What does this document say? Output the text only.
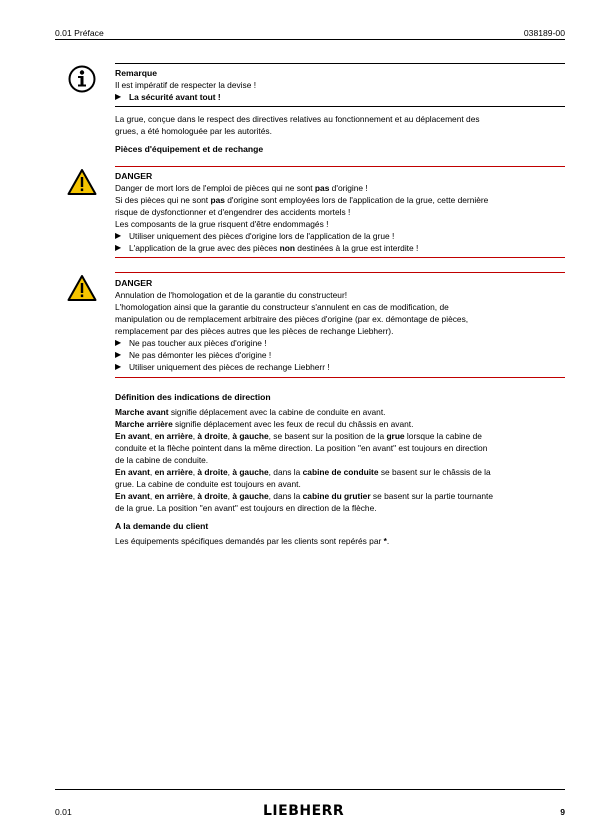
0.01 Préface	038189-00
Remarque
Il est impératif de respecter la devise !
▶ La sécurité avant tout !
La grue, conçue dans le respect des directives relatives au fonctionnement et au déplacement des
grues, a été homologuée par les autorités.
Pièces d'équipement et de rechange
DANGER
Danger de mort lors de l'emploi de pièces qui ne sont pas d'origine !
Si des pièces qui ne sont pas d'origine sont employées lors de l'application de la grue, cette dernière
risque de dysfonctionner et d'engendrer des accidents mortels !
Les composants de la grue risquent d'être endommagés !
▶ Utiliser uniquement des pièces d'origine lors de l'application de la grue !
▶ L'application de la grue avec des pièces non destinées à la grue est interdite !
DANGER
Annulation de l'homologation et de la garantie du constructeur!
L'homologation ainsi que la garantie du constructeur s'annulent en cas de modification, de
manipulation ou de remplacement arbitraire des pièces d'origine (par ex. démontage de pièces,
remplacement par des pièces autres que les pièces de rechange Liebherr).
▶ Ne pas toucher aux pièces d'origine !
▶ Ne pas démonter les pièces d'origine !
▶ Utiliser uniquement des pièces de rechange Liebherr !
Définition des indications de direction
Marche avant signifie déplacement avec la cabine de conduite en avant.
Marche arrière signifie déplacement avec les feux de recul du châssis en avant.
En avant, en arrière, à droite, à gauche, se basent sur la position de la grue lorsque la cabine de
conduite et la flèche pointent dans la même direction. La position "en avant" est toujours en direction
de la cabine de conduite.
En avant, en arrière, à droite, à gauche, dans la cabine de conduite se basent sur le châssis de la
grue. La cabine de conduite est toujours en avant.
En avant, en arrière, à droite, à gauche, dans la cabine du grutier se basent sur la partie tournante
de la grue. La position "en avant" est toujours en direction de la flèche.
A la demande du client
Les équipements spécifiques demandés par les clients sont repérés par *.
0.01	LIEBHERR	9
